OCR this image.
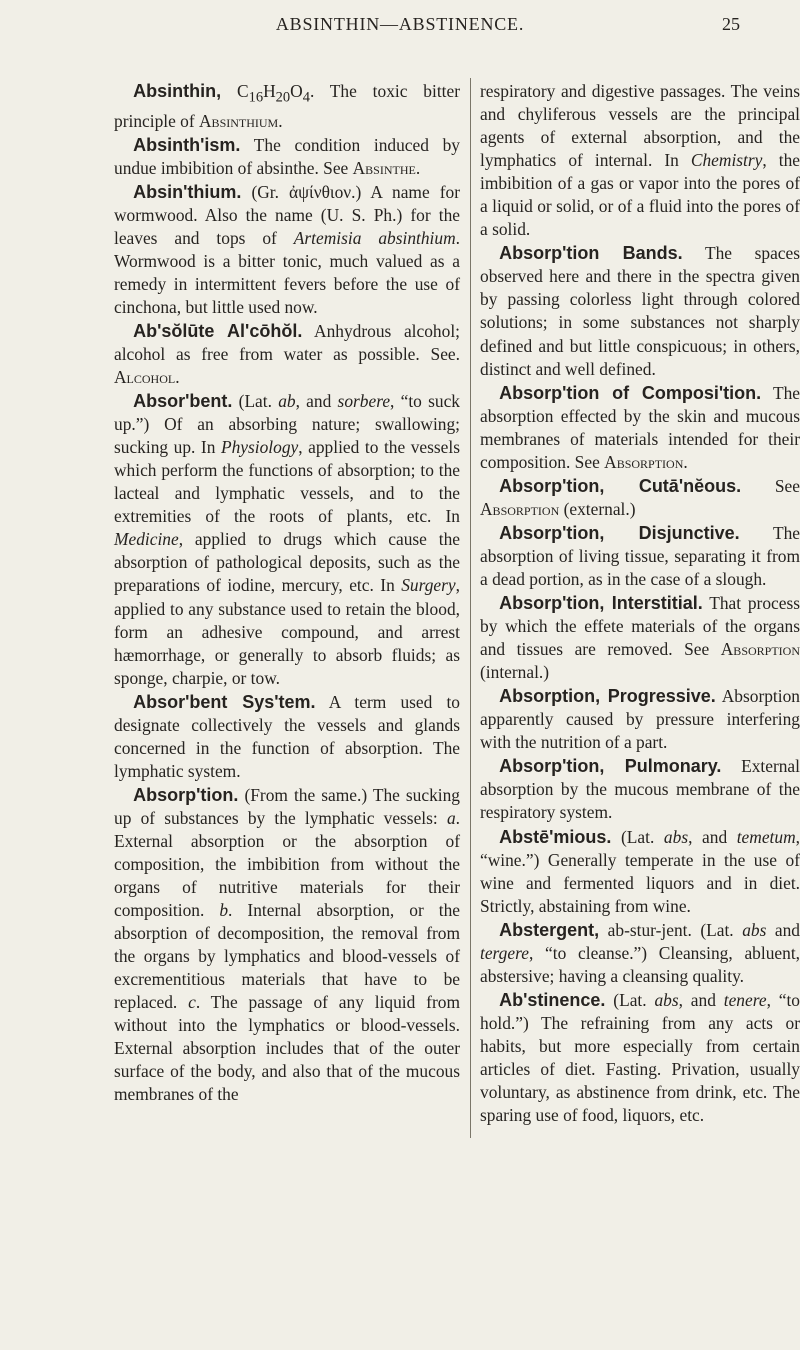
ABSINTHIN—ABSTINENCE.	25

Absinthin, $C_{16}H_{20}O_4$. The toxic bitter principle of Absinthium.

Absinth'ism. The condition induced by undue imbibition of absinthe. See Absinthe.

Absin'thium. (Gr. ἀψίνθιον.) A name for wormwood. Also the name (U. S. Ph.) for the leaves and tops of Artemisia absinthium. Wormwood is a bitter tonic, much valued as a remedy in intermittent fevers before the use of cinchona, but little used now.

Ab'sŏlūte Al'cōhŏl. Anhydrous alcohol; alcohol as free from water as possible. See. Alcohol.

Absor'bent. (Lat. ab, and sorbere, “to suck up.”) Of an absorbing nature; swallowing; sucking up. In Physiology, applied to the vessels which perform the functions of absorption; to the lacteal and lymphatic vessels, and to the extremities of the roots of plants, etc. In Medicine, applied to drugs which cause the absorption of pathological deposits, such as the preparations of iodine, mercury, etc. In Surgery, applied to any substance used to retain the blood, form an adhesive compound, and arrest hæmorrhage, or generally to absorb fluids; as sponge, charpie, or tow.

Absor'bent Sys'tem. A term used to designate collectively the vessels and glands concerned in the function of absorption. The lymphatic system.

Absorp'tion. (From the same.) The sucking up of substances by the lymphatic vessels: a. External absorption or the absorption of composition, the imbibition from without the organs of nutritive materials for their composition. b. Internal absorption, or the absorption of decomposition, the removal from the organs by lymphatics and blood-vessels of excrementitious materials that have to be replaced. c. The passage of any liquid from without into the lymphatics or blood-vessels. External absorption includes that of the outer surface of the body, and also that of the mucous membranes of the

respiratory and digestive passages. The veins and chyliferous vessels are the principal agents of external absorption, and the lymphatics of internal. In Chemistry, the imbibition of a gas or vapor into the pores of a liquid or solid, or of a fluid into the pores of a solid.

Absorp'tion Bands. The spaces observed here and there in the spectra given by passing colorless light through colored solutions; in some substances not sharply defined and but little conspicuous; in others, distinct and well defined.

Absorp'tion of Composi'tion. The absorption effected by the skin and mucous membranes of materials intended for their composition. See Absorption.

Absorp'tion, Cutā'nĕous. See Absorption (external.)

Absorp'tion, Disjunctive. The absorption of living tissue, separating it from a dead portion, as in the case of a slough.

Absorp'tion, Interstitial. That process by which the effete materials of the organs and tissues are removed. See Absorption (internal.)

Absorption, Progressive. Absorption apparently caused by pressure interfering with the nutrition of a part.

Absorp'tion, Pulmonary. External absorption by the mucous membrane of the respiratory system.

Abstē'mious. (Lat. abs, and temetum, “wine.”) Generally temperate in the use of wine and fermented liquors and in diet. Strictly, abstaining from wine.

Abstergent, ab-stur-jent. (Lat. abs and tergere, “to cleanse.”) Cleansing, abluent, abstersive; having a cleansing quality.

Ab'stinence. (Lat. abs, and tenere, “to hold.”) The refraining from any acts or habits, but more especially from certain articles of diet. Fasting. Privation, usually voluntary, as abstinence from drink, etc. The sparing use of food, liquors, etc.
